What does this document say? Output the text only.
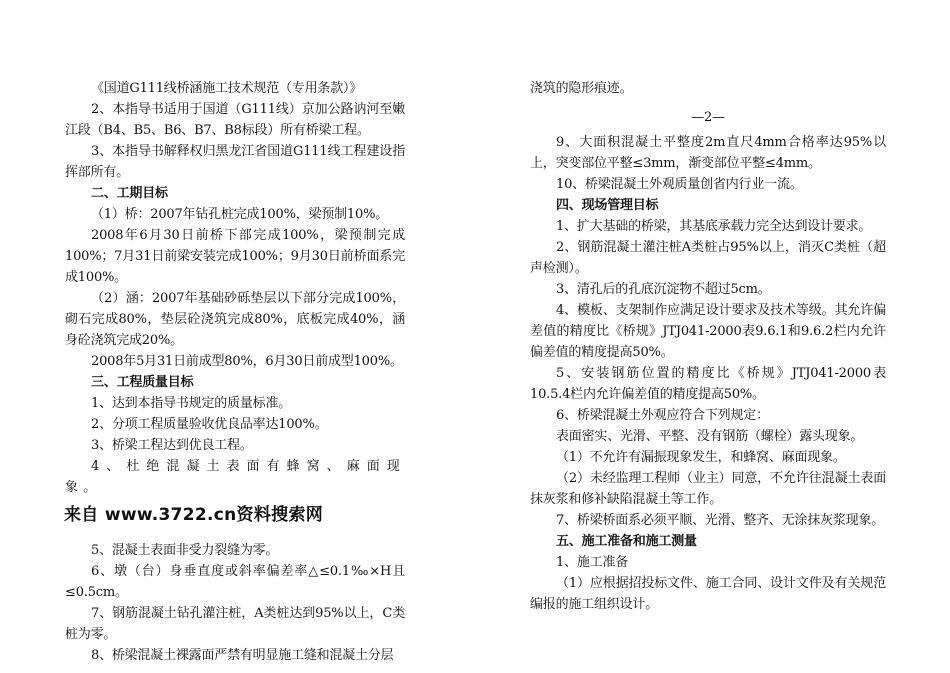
《国道G111线桥涵施工技术规范（专用条款）》

2、本指导书适用于国道（G111线）京加公路讷河至嫩江段（B4、B5、B6、B7、B8标段）所有桥梁工程。

3、本指导书解释权归黑龙江省国道G111线工程建设指挥部所有。

二、工期目标

（1）桥：2007年钻孔桩完成100%，梁预制10%。

2008年6月30日前桥下部完成100%，梁预制完成100%；7月31日前梁安装完成100%；9月30日前桥面系完成100%。

（2）涵：2007年基础砂砾垫层以下部分完成100%，砌石完成80%，垫层砼浇筑完成80%，底板完成40%，涵身砼浇筑完成20%。

2008年5月31日前成型80%，6月30日前成型100%。

三、工程质量目标

1、达到本指导书规定的质量标准。

2、分项工程质量验收优良品率达100%。

3、桥梁工程达到优良工程。

4、杜绝混凝土表面有蜂窝、麻面现象。

来自 www.3722.cn资料搜索网

5、混凝土表面非受力裂缝为零。

6、墩（台）身垂直度或斜率偏差率△≤0.1‰×H且≤0.5cm。

7、钢筋混凝土钻孔灌注桩，A类桩达到95%以上，C类桩为零。

8、桥梁混凝土裸露面严禁有明显施工缝和混凝土分层

浇筑的隐形痕迹。

—2—

9、大面积混凝土平整度2m直尺4mm合格率达95%以上，突变部位平整≤3mm，渐变部位平整≤4mm。

10、桥梁混凝土外观质量创省内行业一流。

四、现场管理目标

1、扩大基础的桥梁，其基底承载力完全达到设计要求。

2、钢筋混凝土灌注桩A类桩占95%以上，消灭C类桩（超声检测）。

3、清孔后的孔底沉淀物不超过5cm。

4、模板、支架制作应满足设计要求及技术等级。其允许偏差值的精度比《桥规》JTJ041-2000表9.6.1和9.6.2栏内允许偏差值的精度提高50%。

5、安装钢筋位置的精度比《桥规》JTJ041-2000表10.5.4栏内允许偏差值的精度提高50%。

6、桥梁混凝土外观应符合下列规定：

表面密实、光滑、平整、没有钢筋（螺栓）露头现象。

（1）不允许有漏振现象发生，和蜂窝、麻面现象。

（2）未经监理工程师（业主）同意，不允许往混凝土表面抹灰浆和修补缺陷混凝土等工作。

7、桥梁桥面系必须平顺、光滑、整齐、无涂抹灰浆现象。

五、施工准备和施工测量

1、施工准备

（1）应根据招投标文件、施工合同、设计文件及有关规范编报的施工组织设计。
